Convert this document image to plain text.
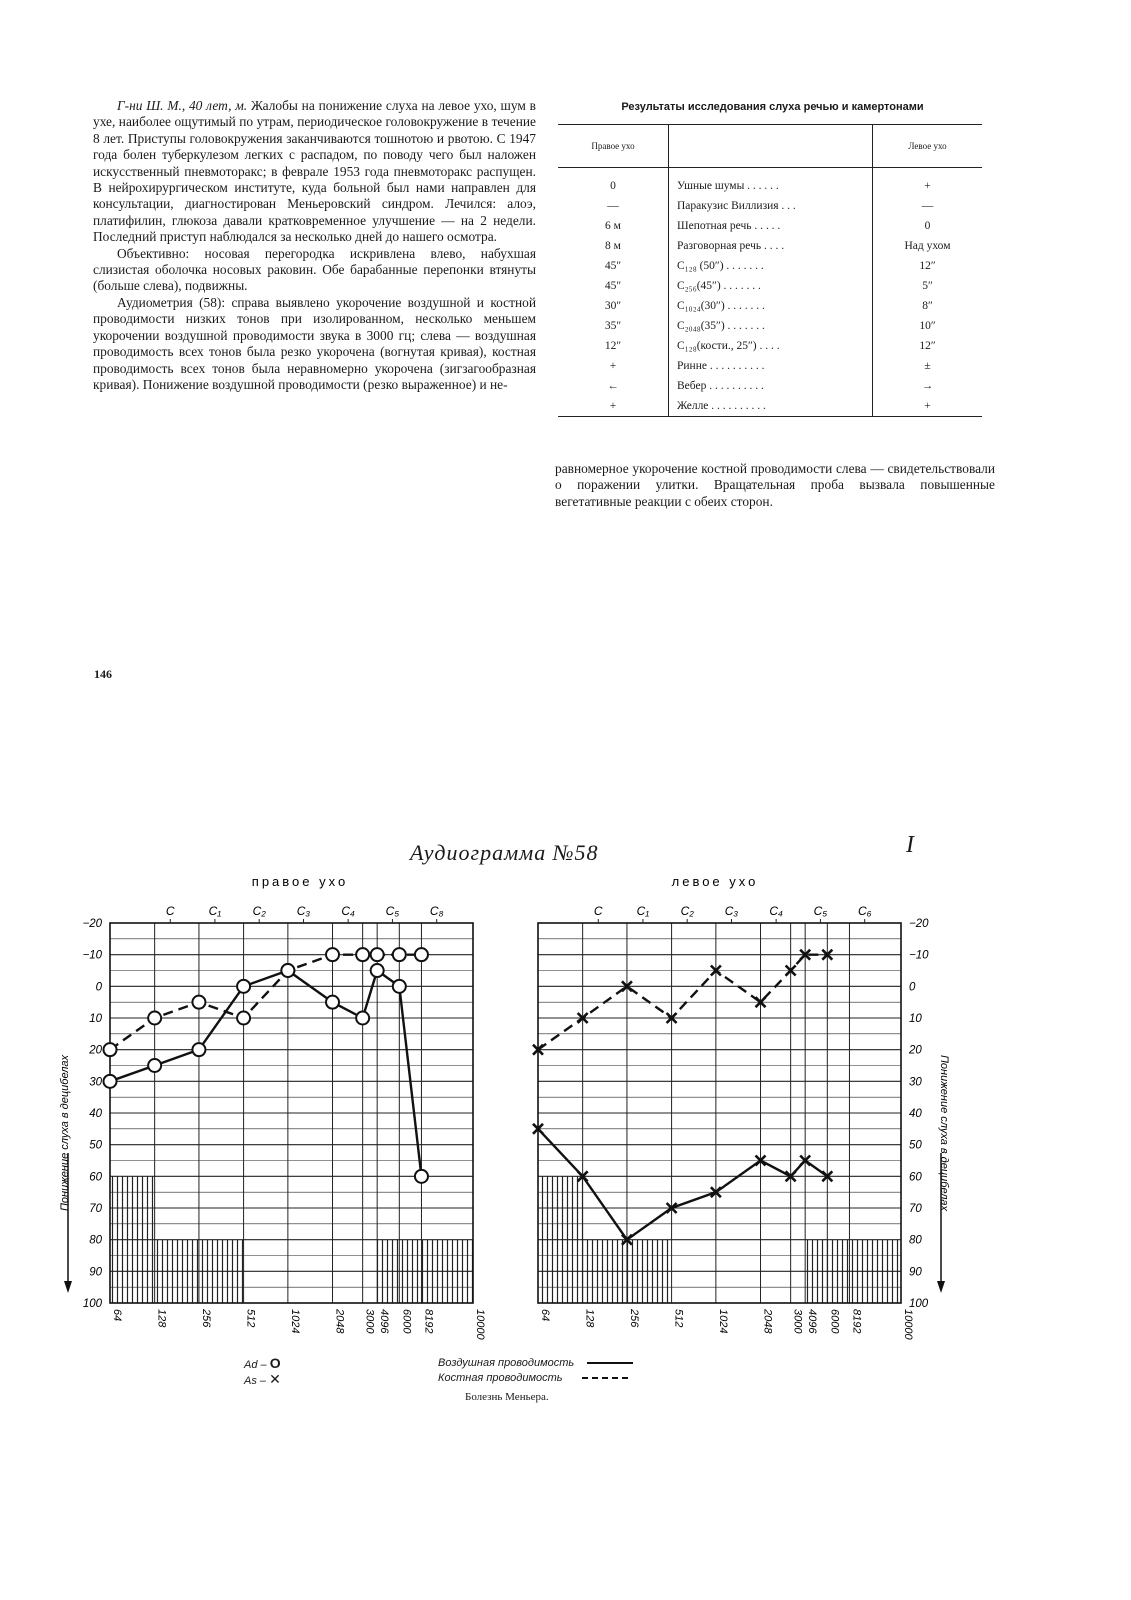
Г-ни Ш. М., 40 лет, м. Жалобы на понижение слуха на левое ухо, шум в ухе, наиболее ощутимый по утрам, периодическое головокружение в течение 8 лет. Приступы головокружения заканчиваются тошнотою и рвотою. С 1947 года болен туберкулезом легких с распадом, по поводу чего был наложен искусственный пневмоторакс; в феврале 1953 года пневмоторакс распущен. В нейрохирургическом институте, куда больной был нами направлен для консультации, диагностирован Меньеровский синдром. Лечился: алоэ, платифилин, глюкоза давали кратковременное улучшение — на 2 недели. Последний приступ наблюдался за несколько дней до нашего осмотра.

Объективно: носовая перегородка искривлена влево, набухшая слизистая оболочка носовых раковин. Обе барабанные перепонки втянуты (больше слева), подвижны.

Аудиометрия (58): справа выявлено укорочение воздушной и костной проводимости низких тонов при изолированном, несколько меньшем укорочении воздушной проводимости звука в 3000 гц; слева — воздушная проводимость всех тонов была резко укорочена (вогнутая кривая), костная проводимость всех тонов была неравномерно укорочена (зигзагообразная кривая). Понижение воздушной проводимости (резко выраженное) и не-

Результаты исследования слуха речью и камертонами
Правое ухо		Левое ухо
0	Ушные шумы . . . . . .	+
—	Паракузис Виллизия . . .	—
6 м	Шепотная речь . . . . .	0
8 м	Разговорная речь . . . .	Над ухом
45″	C₁₂₈ (50″) . . . . . . .	12″
45″	C₂₅₆(45″) . . . . . . .	5″
30″	C₁₀₂₄(30″) . . . . . . .	8″
35″	C₂₀₄₈(35″) . . . . . . .	10″
12″	C₁₂₈(кости., 25″) . . . .	12″
+	Ринне . . . . . . . . . .	±
←	Вебер . . . . . . . . . .	→
+	Желле . . . . . . . . . .	+
равномерное укорочение костной проводимости слева — свидетельствовали о поражении улитки. Вращательная проба вызвала повышенные вегетативные реакции с обеих сторон.
146
Аудиограмма №58	I
C	C₁	C₂	C₃	C₄	C₅	C₈
64	128	256	512	1024	2048 3000 4096 6000 8192	10000
−20
−10
0
10
20
30
40
50
60
70
80
90
100
Понижение слуха в децибелах
C	C₁	C₂	C₃	C₄	C₅	C₆
64	128	256	512	1024	2048 3000 4096 6000 8192	10000
−20
−10
0
10
20
30
40
50
60
70
80
90
100
Понижение слуха в децибелах
правое ухо	левое ухо
Ad – O
As – ✕
Воздушная проводимость
Костная проводимость
Болезнь Меньера.
